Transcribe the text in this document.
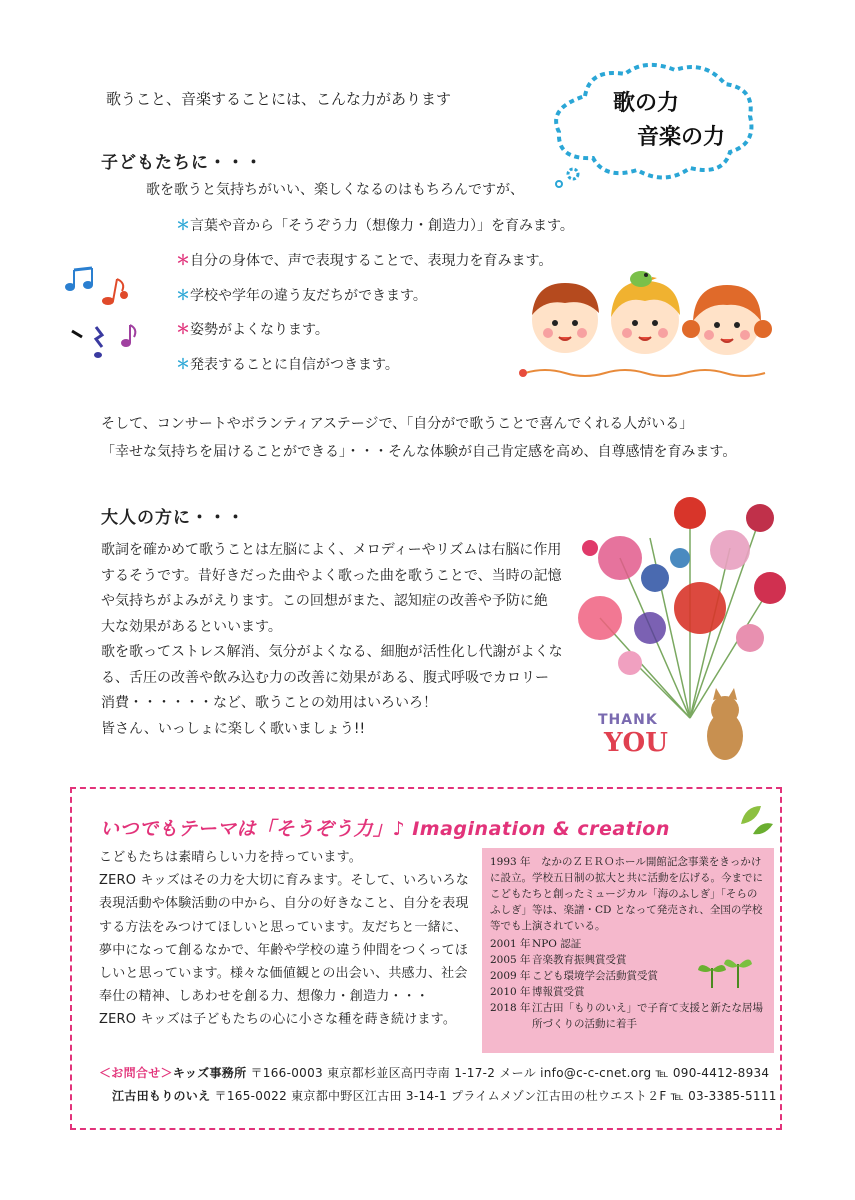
歌うこと、音楽することには、こんな力があります	歌の力
音楽の力
子どもたちに・・・
歌を歌うと気持ちがいい、楽しくなるのはもちろんですが、
＊言葉や音から「そうぞう力（想像力・創造力）」を育みます。
＊自分の身体で、声で表現することで、表現力を育みます。
＊学校や学年の違う友だちができます。
＊姿勢がよくなります。
＊発表することに自信がつきます。
そして、コンサートやボランティアステージで、「自分がで歌うことで喜んでくれる人がいる」
「幸せな気持ちを届けることができる」・・・そんな体験が自己肯定感を高め、自尊感情を育みます。
大人の方に・・・
歌詞を確かめて歌うことは左脳によく、メロディーやリズムは右脳に作用
するそうです。昔好きだった曲やよく歌った曲を歌うことで、当時の記憶
や気持ちがよみがえります。この回想がまた、認知症の改善や予防に絶
大な効果があるといいます。
歌を歌ってストレス解消、気分がよくなる、細胞が活性化し代謝がよくな
る、舌圧の改善や飲み込む力の改善に効果がある、腹式呼吸でカロリー
消費・・・・・・など、歌うことの効用はいろいろ！
皆さん、いっしょに楽しく歌いましょう!!
THANK
YOU
いつでもテーマは「そうぞう力」♪ Imagination & creation
こどもたちは素晴らしい力を持っています。
ZERO キッズはその力を大切に育みます。そして、いろいろな
表現活動や体験活動の中から、自分の好きなこと、自分を表現
する方法をみつけてほしいと思っています。友だちと一緒に、
夢中になって創るなかで、年齢や学校の違う仲間をつくってほ
しいと思っています。様々な価値観との出会い、共感力、社会
奉仕の精神、しあわせを創る力、想像力・創造力・・・
ZERO キッズは子どもたちの心に小さな種を蒔き続けます。
1993 年　 なかのＺＥＲＯホール開館記念事業をきっかけに設立。学校五日制の拡大と共に活動を広げる。今までにこどもたちと創ったミュージカル「海のふしぎ」「そらのふしぎ」等は、楽譜・CD となって発売され、全国の学校等でも上演されている。
2001 年 NPO 認証
2005 年 音楽教育振興賞受賞
2009 年 こども環境学会活動賞受賞
2010 年 博報賞受賞
2018 年 江古田「もりのいえ」で子育て支援と新たな居場所づくりの活動に着手
＜お問合せ＞キッズ事務所 〒166-0003 東京都杉並区高円寺南 1-17-2 メール info@c-c-cnet.org ℡ 090-4412-8934
江古田もりのいえ 〒165-0022 東京都中野区江古田 3-14-1 プライムメゾン江古田の杜ウエスト２F ℡ 03-3385-5111
